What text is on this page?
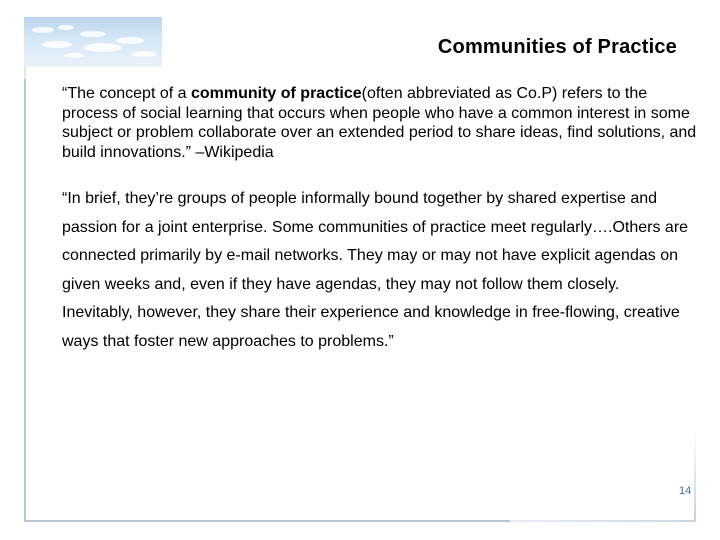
Communities of Practice

“The concept of a community of practice(often abbreviated as Co.P) refers to the process of social learning that occurs when people who have a common interest in some subject or problem collaborate over an extended period to share ideas, find solutions, and build innovations.” –Wikipedia

“In brief, they’re groups of people informally bound together by shared expertise and passion for a joint enterprise. Some communities of practice meet regularly….Others are connected primarily by e-mail networks. They may or may not have explicit agendas on given weeks and, even if they have agendas, they may not follow them closely. Inevitably, however, they share their experience and knowledge in free-flowing, creative ways that foster new approaches to problems.”

14
